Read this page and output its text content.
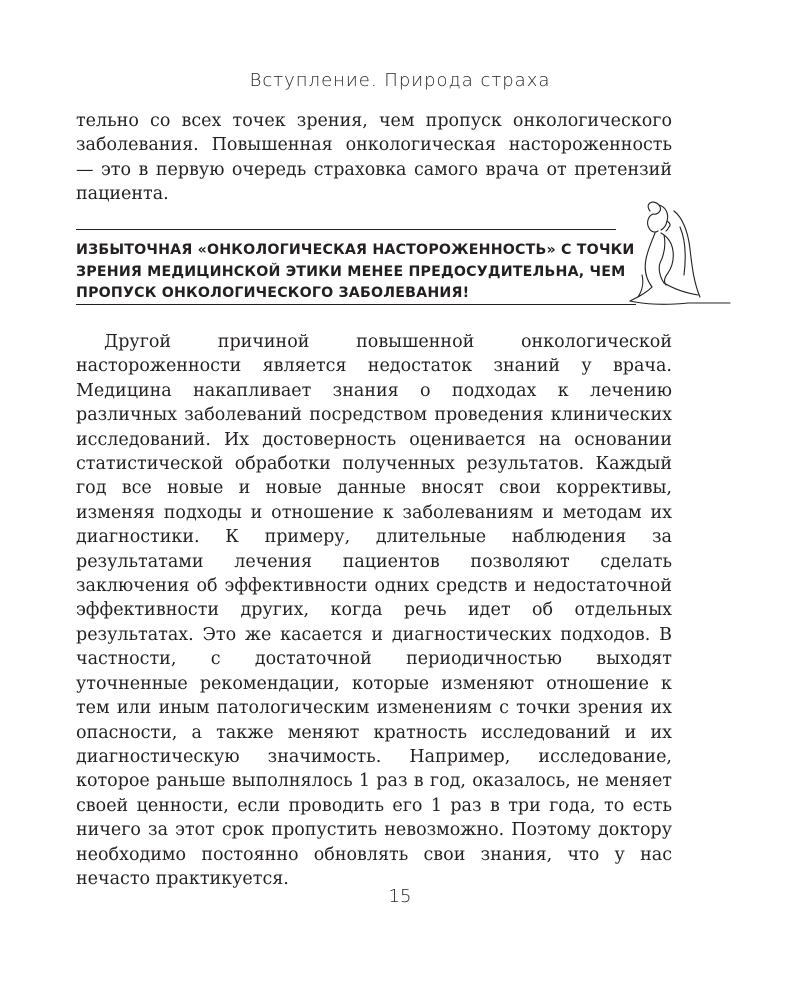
Вступление. Природа страха

тельно со всех точек зрения, чем пропуск онкологического заболевания. Повышенная онкологическая настороженность — это в первую очередь страховка самого врача от претензий пациента.

ИЗБЫТОЧНАЯ «ОНКОЛОГИЧЕСКАЯ НАСТОРОЖЕННОСТЬ» С ТОЧКИ ЗРЕНИЯ МЕДИЦИНСКОЙ ЭТИКИ МЕНЕЕ ПРЕДОСУДИТЕЛЬНА, ЧЕМ ПРОПУСК ОНКОЛОГИЧЕСКОГО ЗАБОЛЕВАНИЯ!

Другой причиной повышенной онкологической настороженности является недостаток знаний у врача. Медицина накапливает знания о подходах к лечению различных заболеваний посредством проведения клинических исследований. Их достоверность оценивается на основании статистической обработки полученных результатов. Каждый год все новые и новые данные вносят свои коррективы, изменяя подходы и отношение к заболеваниям и методам их диагностики. К примеру, длительные наблюдения за результатами лечения пациентов позволяют сделать заключения об эффективности одних средств и недостаточной эффективности других, когда речь идет об отдельных результатах. Это же касается и диагностических подходов. В частности, с достаточной периодичностью выходят уточненные рекомендации, которые изменяют отношение к тем или иным патологическим изменениям с точки зрения их опасности, а также меняют кратность исследований и их диагностическую значимость. Например, исследование, которое раньше выполнялось 1 раз в год, оказалось, не меняет своей ценности, если проводить его 1 раз в три года, то есть ничего за этот срок пропустить невозможно. Поэтому доктору необходимо постоянно обновлять свои знания, что у нас нечасто практикуется.

15
